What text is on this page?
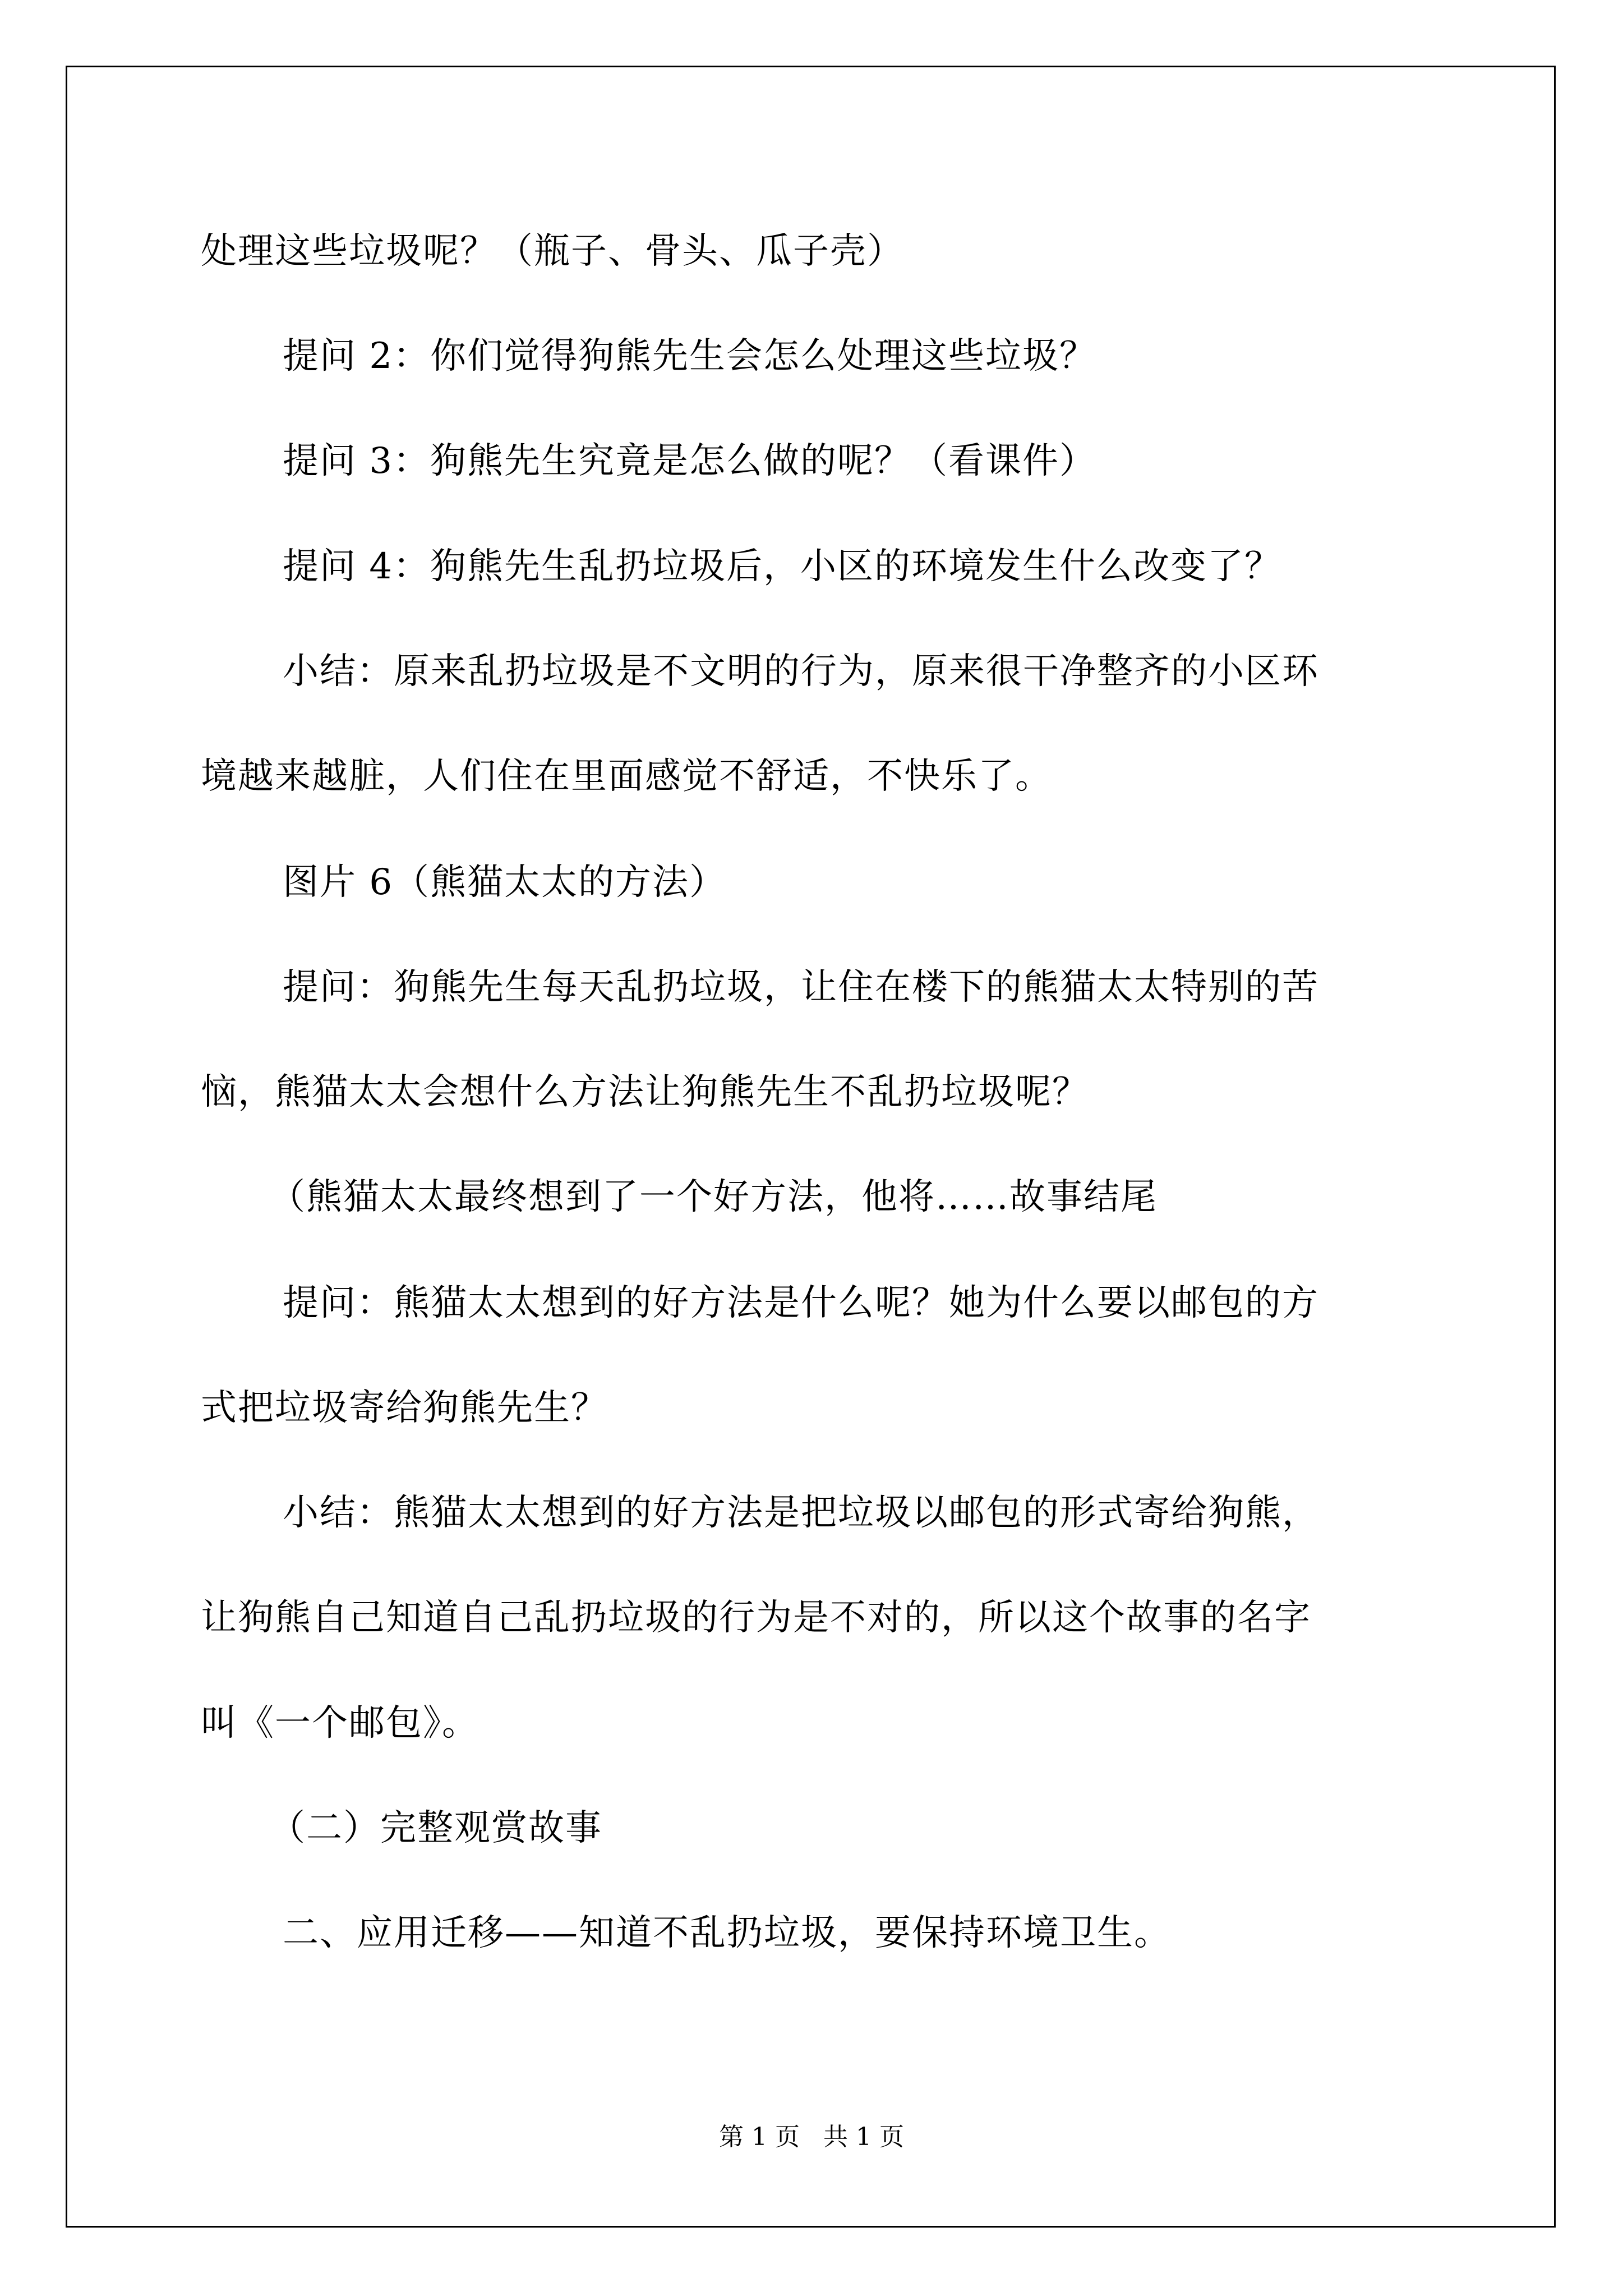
处理这些垃圾呢？（瓶子、骨头、瓜子壳）
提问 2：你们觉得狗熊先生会怎么处理这些垃圾？
提问 3：狗熊先生究竟是怎么做的呢？（看课件）
提问 4：狗熊先生乱扔垃圾后，小区的环境发生什么改变了？
小结：原来乱扔垃圾是不文明的行为，原来很干净整齐的小区环
境越来越脏，人们住在里面感觉不舒适，不快乐了。
图片 6（熊猫太太的方法）
提问：狗熊先生每天乱扔垃圾，让住在楼下的熊猫太太特别的苦
恼，熊猫太太会想什么方法让狗熊先生不乱扔垃圾呢？
（熊猫太太最终想到了一个好方法，他将……故事结尾
提问：熊猫太太想到的好方法是什么呢？她为什么要以邮包的方
式把垃圾寄给狗熊先生？
小结：熊猫太太想到的好方法是把垃圾以邮包的形式寄给狗熊，
让狗熊自己知道自己乱扔垃圾的行为是不对的，所以这个故事的名字
叫《一个邮包》。
（二）完整观赏故事
二、应用迁移——知道不乱扔垃圾，要保持环境卫生。
第 1 页   共 1 页
